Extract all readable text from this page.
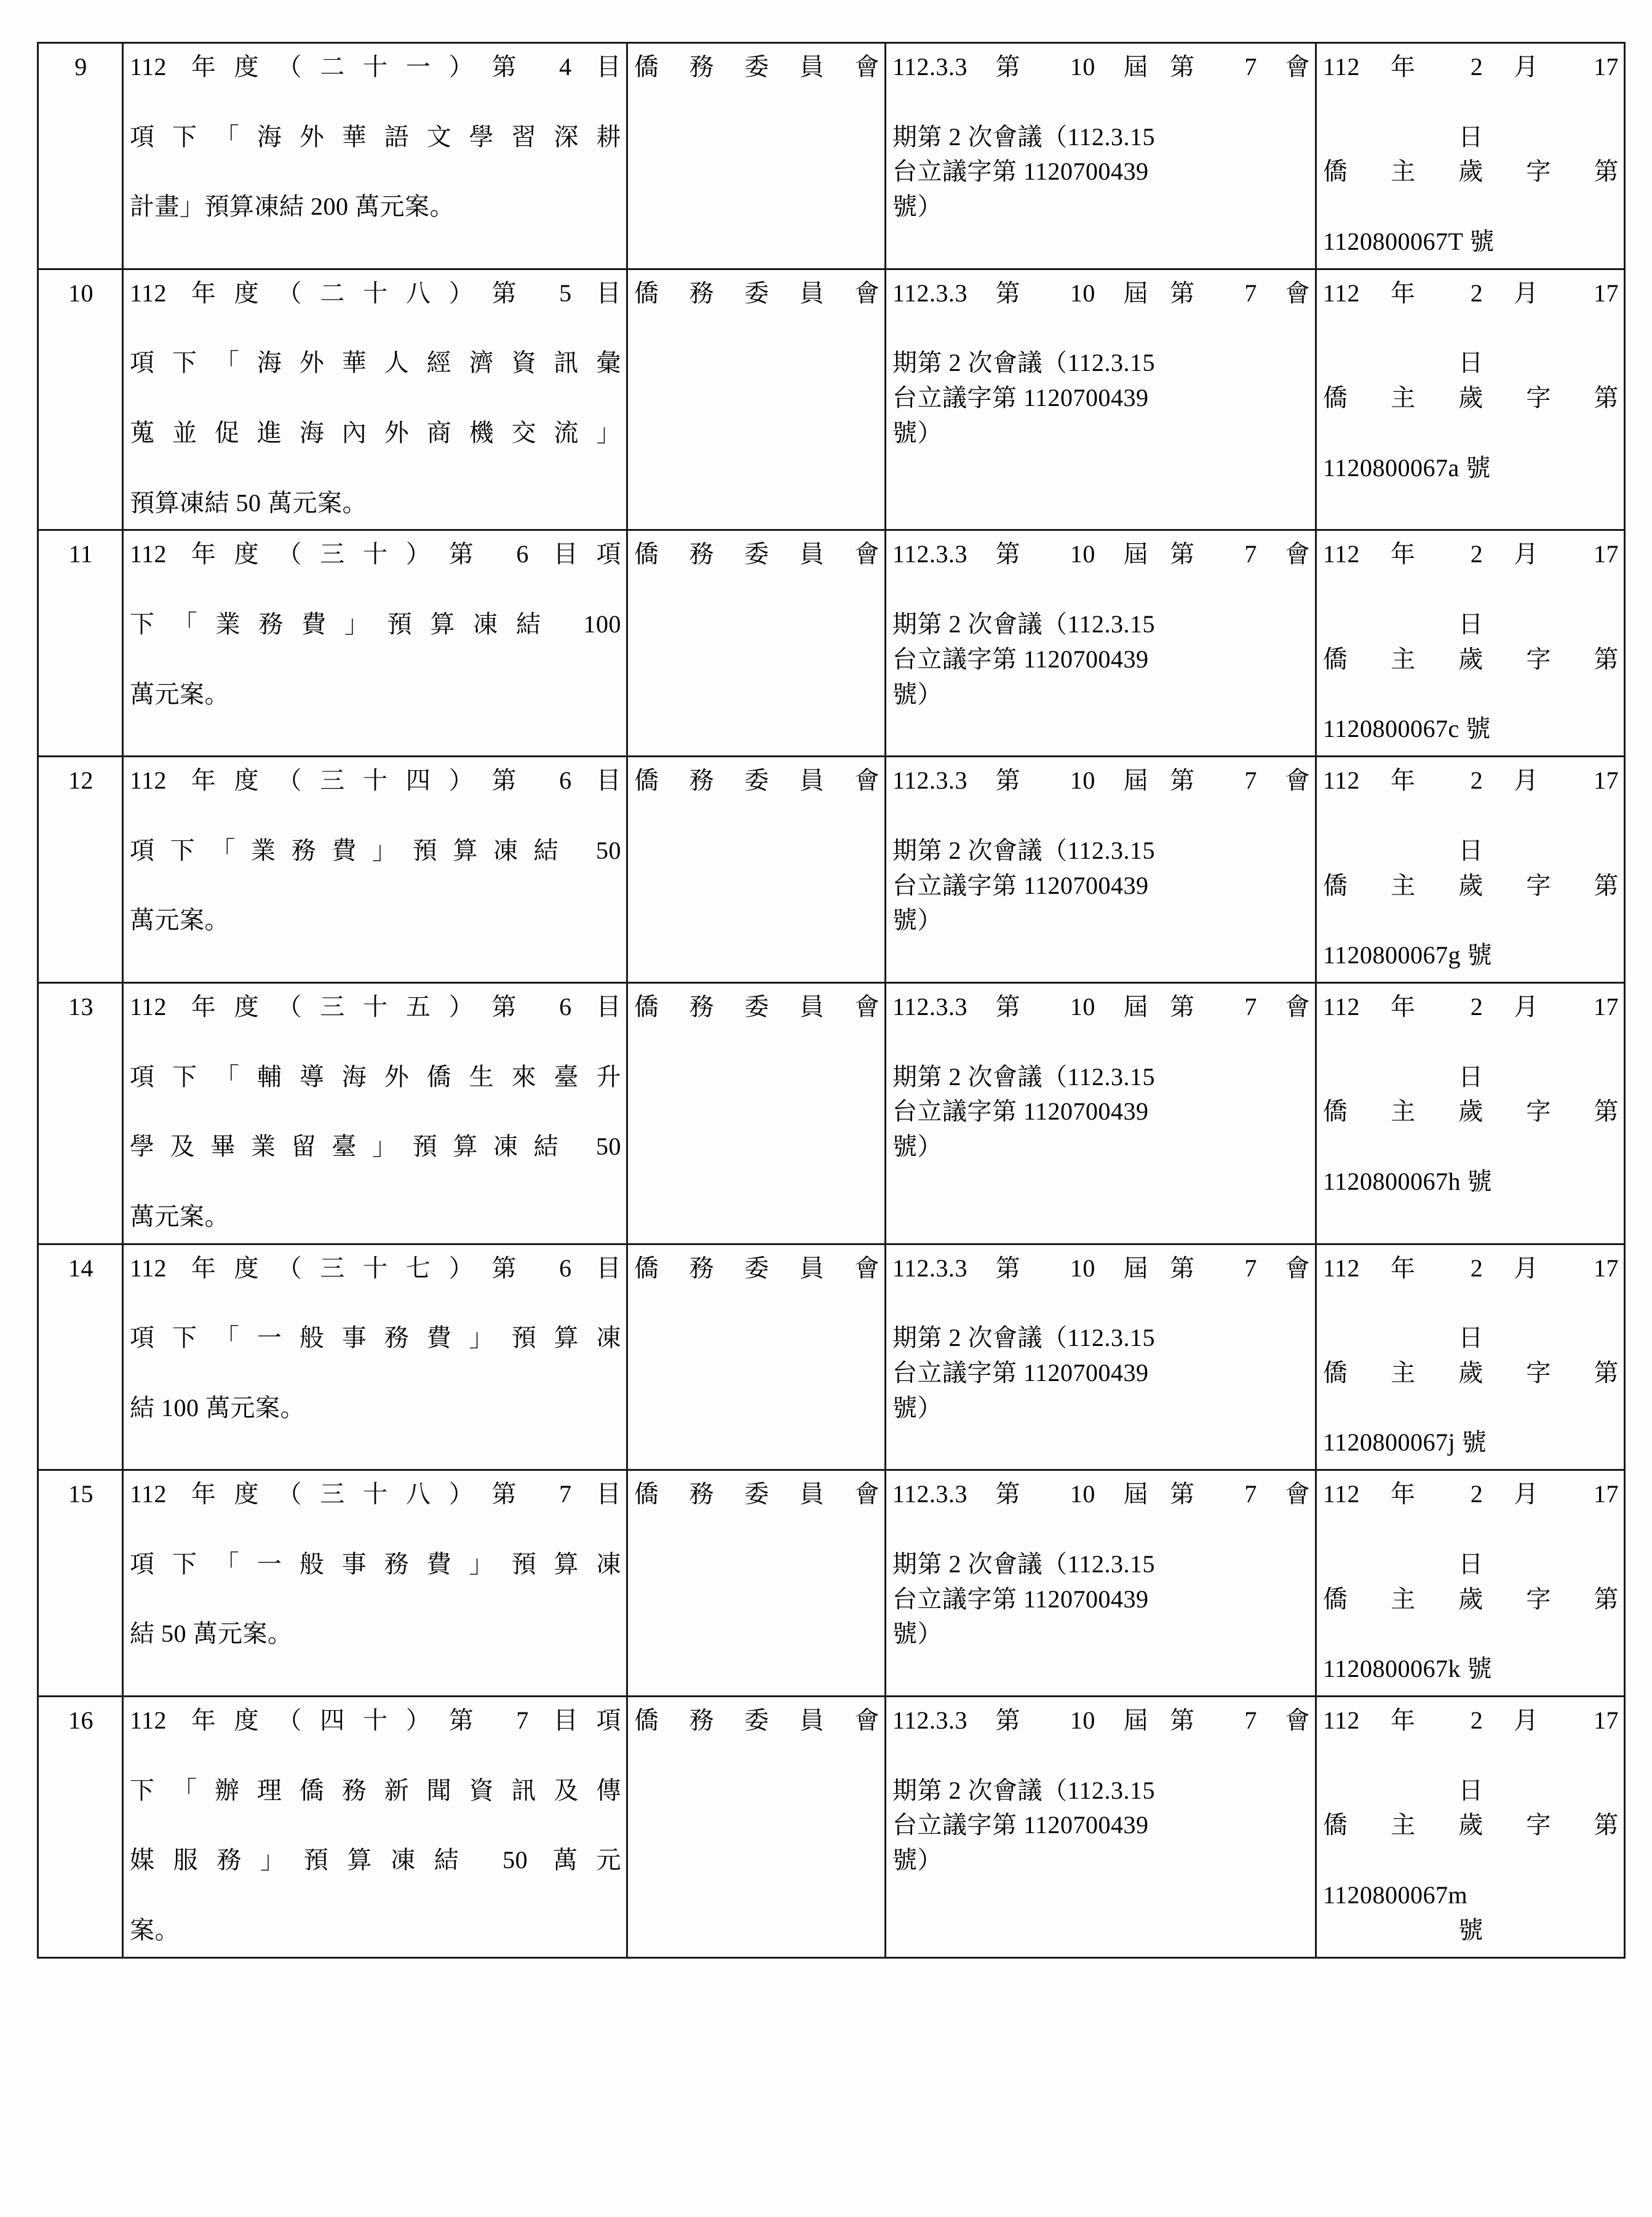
9	112 年度（二十一）第 4 目
項下「海外華語文學習深耕
計畫」預算凍結 200 萬元案。	僑務委員會	112.3.3 第 10 屆第 7 會
期第 2 次會議（112.3.15
台立議字第 1120700439
號）	112 年 2 月 17
日
僑主歲字第
1120800067T 號

10	112 年度（二十八）第 5 目
項下「海外華人經濟資訊彙
蒐並促進海內外商機交流」
預算凍結 50 萬元案。	僑務委員會	112.3.3 第 10 屆第 7 會
期第 2 次會議（112.3.15
台立議字第 1120700439
號）	112 年 2 月 17
日
僑主歲字第
1120800067a 號

11	112 年度（三十）第 6 目項
下「業務費」預算凍結 100
萬元案。	僑務委員會	112.3.3 第 10 屆第 7 會
期第 2 次會議（112.3.15
台立議字第 1120700439
號）	112 年 2 月 17
日
僑主歲字第
1120800067c 號

12	112 年度（三十四）第 6 目
項下「業務費」預算凍結 50
萬元案。	僑務委員會	112.3.3 第 10 屆第 7 會
期第 2 次會議（112.3.15
台立議字第 1120700439
號）	112 年 2 月 17
日
僑主歲字第
1120800067g 號

13	112 年度（三十五）第 6 目
項下「輔導海外僑生來臺升
學及畢業留臺」預算凍結 50
萬元案。	僑務委員會	112.3.3 第 10 屆第 7 會
期第 2 次會議（112.3.15
台立議字第 1120700439
號）	112 年 2 月 17
日
僑主歲字第
1120800067h 號

14	112 年度（三十七）第 6 目
項下「一般事務費」預算凍
結 100 萬元案。	僑務委員會	112.3.3 第 10 屆第 7 會
期第 2 次會議（112.3.15
台立議字第 1120700439
號）	112 年 2 月 17
日
僑主歲字第
1120800067j 號

15	112 年度（三十八）第 7 目
項下「一般事務費」預算凍
結 50 萬元案。	僑務委員會	112.3.3 第 10 屆第 7 會
期第 2 次會議（112.3.15
台立議字第 1120700439
號）	112 年 2 月 17
日
僑主歲字第
1120800067k 號

16	112 年度（四十）第 7 目項
下「辦理僑務新聞資訊及傳
媒服務」預算凍結 50 萬元
案。	僑務委員會	112.3.3 第 10 屆第 7 會
期第 2 次會議（112.3.15
台立議字第 1120700439
號）	112 年 2 月 17
日
僑主歲字第
1120800067m
號
